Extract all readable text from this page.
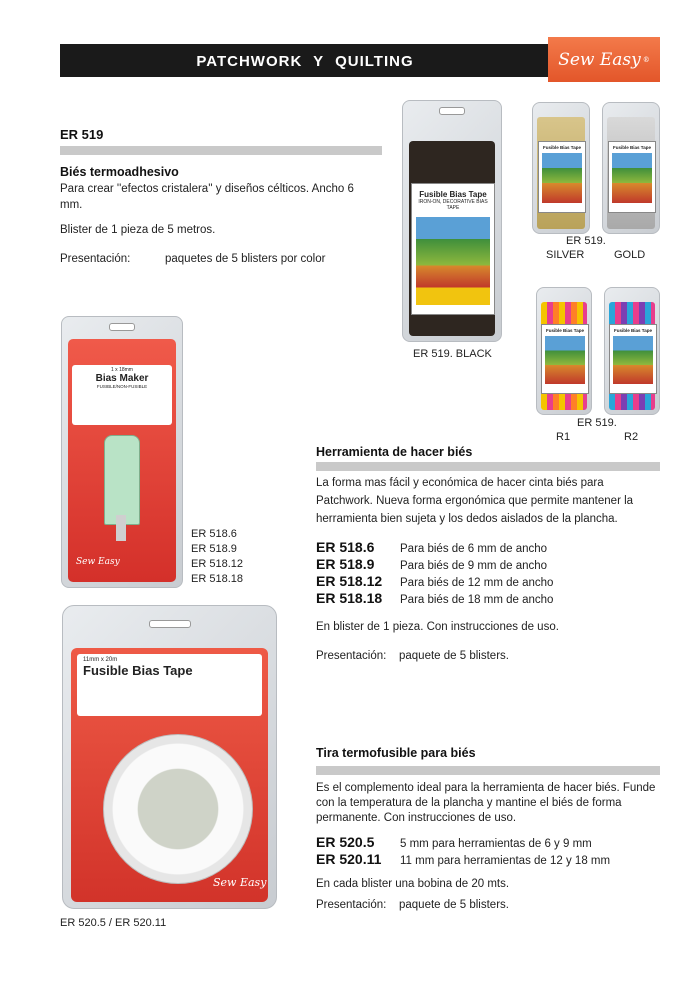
PATCHWORK Y QUILTING	Sew Easy ®
ER 519
Biés termoadhesivo
Para crear ''efectos cristalera'' y diseños célticos. Ancho 6 mm.
Blister de 1 pieza de 5 metros.
Presentación:	paquetes de 5 blisters por color
Fusible Bias Tape
IRON-ON, DECORATIVE BIAS TAPE
ER 519. BLACK
Fusible Bias Tape	Fusible Bias Tape
ER 519.
SILVER	GOLD
Fusible Bias Tape	Fusible Bias Tape
ER 519.
R1	R2
1 x 18mm
Bias Maker
FUSIBLE/NON-FUSIBLE
Sew Easy
ER 518.6
ER 518.9
ER 518.12
ER 518.18
Herramienta de hacer biés
La forma mas fácil y económica de hacer cinta biés para Patchwork. Nueva forma ergonómica que permite mantener la herramienta bien sujeta y los dedos aislados de la plancha.
ER 518.6	Para biés de 6 mm de ancho
ER 518.9	Para biés de 9 mm de ancho
ER 518.12	Para biés de 12 mm de ancho
ER 518.18	Para biés de 18 mm de ancho
En blister de 1 pieza. Con instrucciones de uso.
Presentación: paquete de 5 blisters.
11mm x 20m
Fusible Bias Tape
Sew Easy
ER 520.5 / ER 520.11
Tira termofusible para biés
Es el complemento ideal para la herramienta de hacer biés. Funde con la temperatura de la plancha y mantine el biés de forma permanente. Con instrucciones de uso.
ER 520.5	5 mm para herramientas de 6 y 9 mm
ER 520.11	11 mm para herramientas de 12 y 18 mm
En cada blister una bobina de 20 mts.
Presentación: paquete de 5 blisters.
